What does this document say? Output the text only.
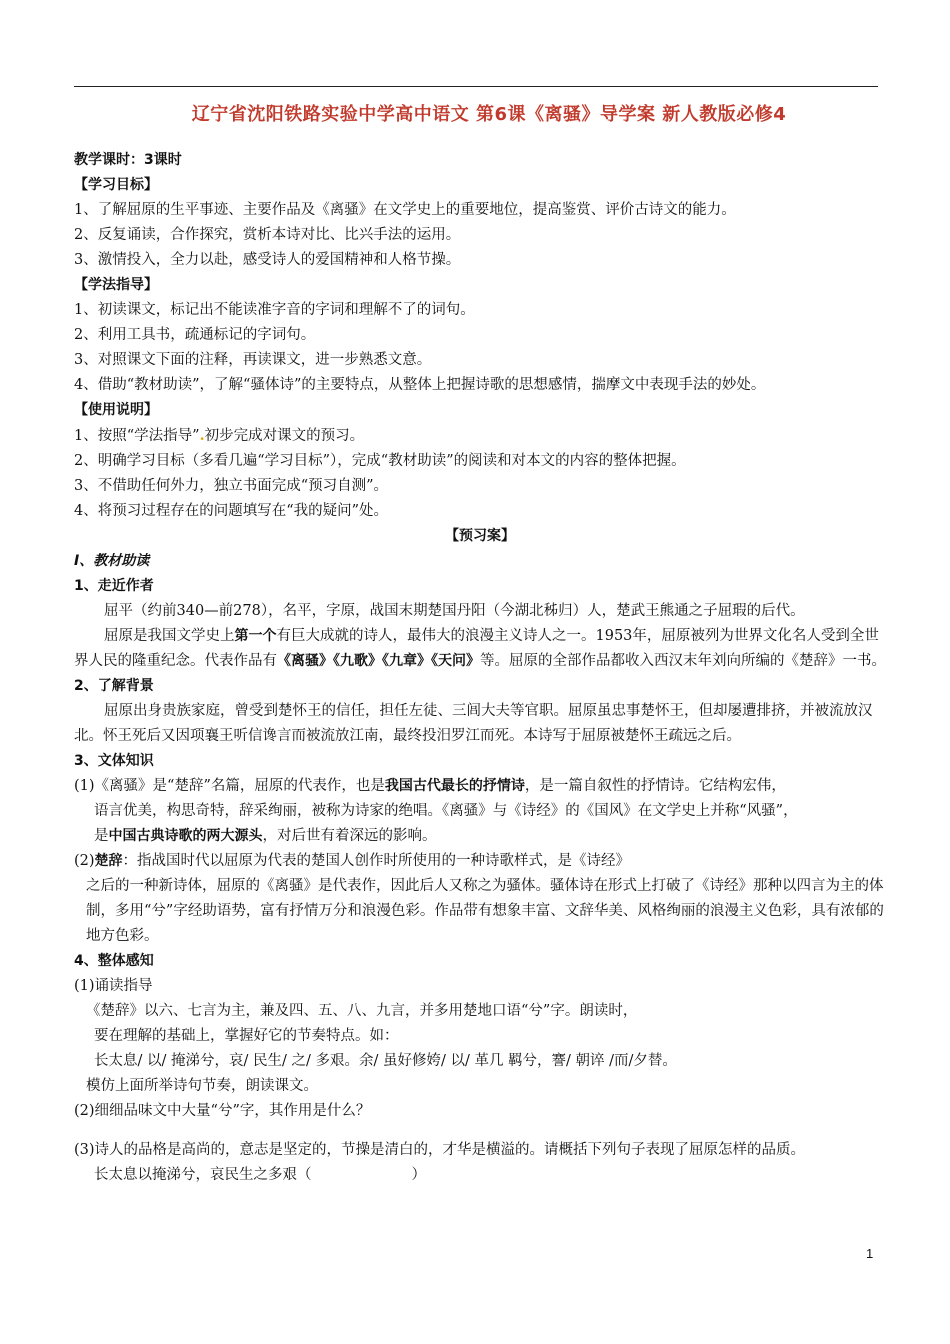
辽宁省沈阳铁路实验中学高中语文 第6课《离骚》导学案 新人教版必修4
教学课时：3课时
【学习目标】
1、了解屈原的生平事迹、主要作品及《离骚》在文学史上的重要地位，提高鉴赏、评价古诗文的能力。
2、反复诵读，合作探究，赏析本诗对比、比兴手法的运用。
3、激情投入，全力以赴，感受诗人的爱国精神和人格节操。
【学法指导】
1、初读课文，标记出不能读准字音的字词和理解不了的词句。
2、利用工具书，疏通标记的字词句。
3、对照课文下面的注释，再读课文，进一步熟悉文意。
4、借助“教材助读”，了解“骚体诗”的主要特点，从整体上把握诗歌的思想感情，揣摩文中表现手法的妙处。
【使用说明】
1、按照“学法指导”.初步完成对课文的预习。
2、明确学习目标（多看几遍“学习目标”），完成“教材助读”的阅读和对本文的内容的整体把握。
3、不借助任何外力，独立书面完成“预习自测”。
4、将预习过程存在的问题填写在“我的疑问”处。
【预习案】
I、教材助读
1、走近作者
屈平（约前340—前278），名平，字原，战国末期楚国丹阳（今湖北秭归）人，楚武王熊通之子屈瑕的后代。
屈原是我国文学史上第一个有巨大成就的诗人，最伟大的浪漫主义诗人之一。1953年，屈原被列为世界文化名人受到全世界人民的隆重纪念。代表作品有《离骚》《九歌》《九章》《天问》等。屈原的全部作品都收入西汉末年刘向所编的《楚辞》一书。
2、了解背景
屈原出身贵族家庭，曾受到楚怀王的信任，担任左徒、三闾大夫等官职。屈原虽忠事楚怀王，但却屡遭排挤，并被流放汉北。怀王死后又因项襄王听信谗言而被流放江南，最终投汨罗江而死。本诗写于屈原被楚怀王疏远之后。
3、文体知识
(1)《离骚》是“楚辞”名篇，屈原的代表作，也是我国古代最长的抒情诗，是一篇自叙性的抒情诗。它结构宏伟，
语言优美，构思奇特，辞采绚丽，被称为诗家的绝唱。《离骚》与《诗经》的《国风》在文学史上并称“风骚”，
是中国古典诗歌的两大源头，对后世有着深远的影响。
(2)楚辞：指战国时代以屈原为代表的楚国人创作时所使用的一种诗歌样式，是《诗经》
之后的一种新诗体，屈原的《离骚》是代表作，因此后人又称之为骚体。骚体诗在形式上打破了《诗经》那种以四言为主的体制，多用“兮”字经助语势，富有抒情万分和浪漫色彩。作品带有想象丰富、文辞华美、风格绚丽的浪漫主义色彩，具有浓郁的地方色彩。
4、整体感知
(1)诵读指导
《楚辞》以六、七言为主，兼及四、五、八、九言，并多用楚地口语“兮”字。朗读时，
要在理解的基础上，掌握好它的节奏特点。如：
长太息/ 以/ 掩涕兮，哀/ 民生/ 之/ 多艰。余/ 虽好修姱/ 以/ 革几 羁兮，謇/ 朝谇 /而/夕替。
模仿上面所举诗句节奏，朗读课文。
(2)细细品味文中大量“兮”字，其作用是什么？
(3)诗人的品格是高尚的，意志是坚定的，节操是清白的，才华是横溢的。请概括下列句子表现了屈原怎样的品质。
长太息以掩涕兮，哀民生之多艰（	）
1
